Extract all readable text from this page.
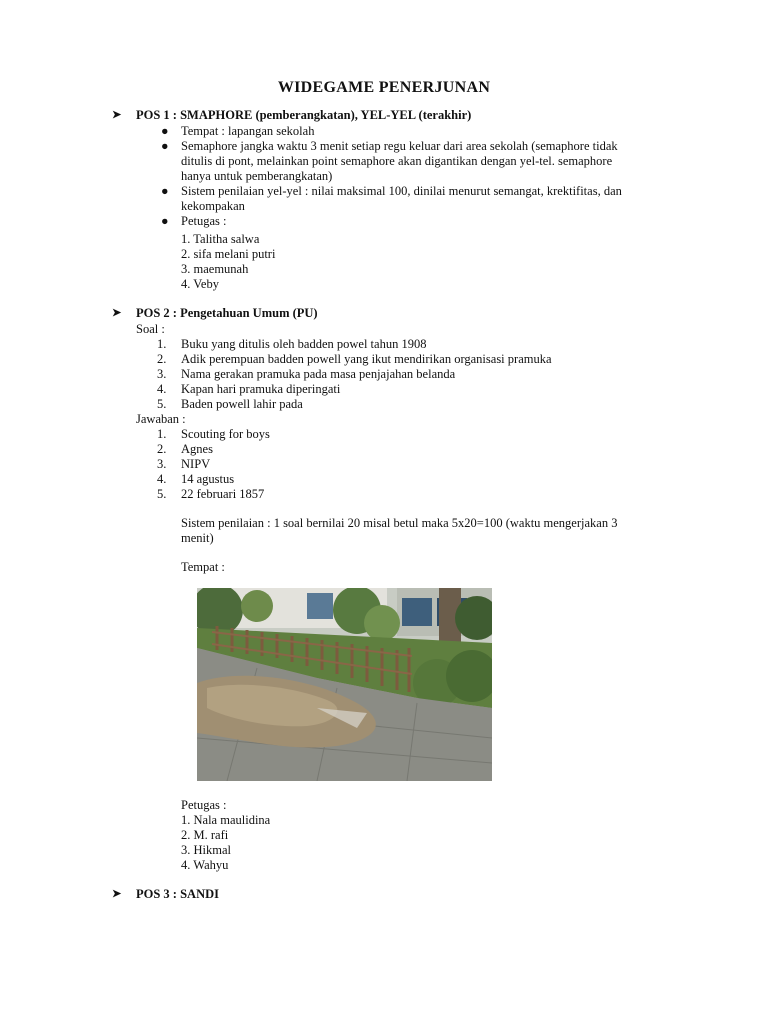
WIDEGAME PENERJUNAN
➤	POS 1 : SMAPHORE (pemberangkatan), YEL-YEL (terakhir)
● Tempat : lapangan sekolah
● Semaphore jangka waktu 3 menit setiap regu keluar dari area sekolah (semaphore tidak
ditulis di pont, melainkan point semaphore akan digantikan dengan yel-tel. semaphore
hanya untuk pemberangkatan)
● Sistem penilaian yel-yel : nilai maksimal 100, dinilai menurut semangat, krektifitas, dan
kekompakan
● Petugas :
1. Talitha salwa
2. sifa melani putri
3. maemunah
4. Veby
➤	POS 2 : Pengetahuan Umum (PU)
Soal :
1.	Buku yang ditulis oleh badden powel tahun 1908
2.	Adik perempuan badden powell yang ikut mendirikan organisasi pramuka
3.	Nama gerakan pramuka pada masa penjajahan belanda
4.	Kapan hari pramuka diperingati
5.	Baden powell lahir pada
Jawaban :
1.	Scouting for boys
2.	Agnes
3.	NIPV
4.	14 agustus
5.	22 februari 1857
Sistem penilaian : 1 soal bernilai 20 misal betul maka 5x20=100 (waktu mengerjakan 3
menit)
Tempat :
Petugas :
1. Nala maulidina
2. M. rafi
3. Hikmal
4. Wahyu
➤	POS 3 : SANDI
